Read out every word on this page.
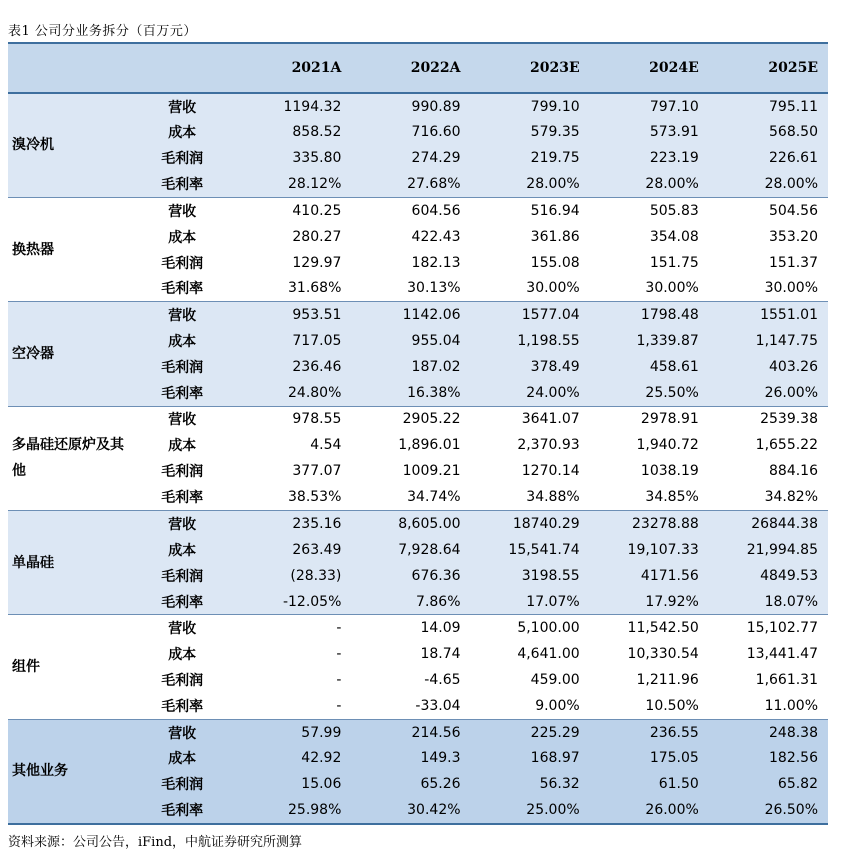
表1 公司分业务拆分（百万元）
		2021A	2022A	2023E	2024E	2025E
溴冷机	营收	1194.32	990.89	799.10	797.10	795.11
	成本	858.52	716.60	579.35	573.91	568.50
	毛利润	335.80	274.29	219.75	223.19	226.61
	毛利率	28.12%	27.68%	28.00%	28.00%	28.00%
换热器	营收	410.25	604.56	516.94	505.83	504.56
	成本	280.27	422.43	361.86	354.08	353.20
	毛利润	129.97	182.13	155.08	151.75	151.37
	毛利率	31.68%	30.13%	30.00%	30.00%	30.00%
空冷器	营收	953.51	1142.06	1577.04	1798.48	1551.01
	成本	717.05	955.04	1,198.55	1,339.87	1,147.75
	毛利润	236.46	187.02	378.49	458.61	403.26
	毛利率	24.80%	16.38%	24.00%	25.50%	26.00%
多晶硅还原炉及其他	营收	978.55	2905.22	3641.07	2978.91	2539.38
	成本	4.54	1,896.01	2,370.93	1,940.72	1,655.22
	毛利润	377.07	1009.21	1270.14	1038.19	884.16
	毛利率	38.53%	34.74%	34.88%	34.85%	34.82%
单晶硅	营收	235.16	8,605.00	18740.29	23278.88	26844.38
	成本	263.49	7,928.64	15,541.74	19,107.33	21,994.85
	毛利润	(28.33)	676.36	3198.55	4171.56	4849.53
	毛利率	-12.05%	7.86%	17.07%	17.92%	18.07%
组件	营收	-	14.09	5,100.00	11,542.50	15,102.77
	成本	-	18.74	4,641.00	10,330.54	13,441.47
	毛利润	-	-4.65	459.00	1,211.96	1,661.31
	毛利率	-	-33.04	9.00%	10.50%	11.00%
其他业务	营收	57.99	214.56	225.29	236.55	248.38
	成本	42.92	149.3	168.97	175.05	182.56
	毛利润	15.06	65.26	56.32	61.50	65.82
	毛利率	25.98%	30.42%	25.00%	26.00%	26.50%
资料来源：公司公告，iFind，中航证券研究所测算
